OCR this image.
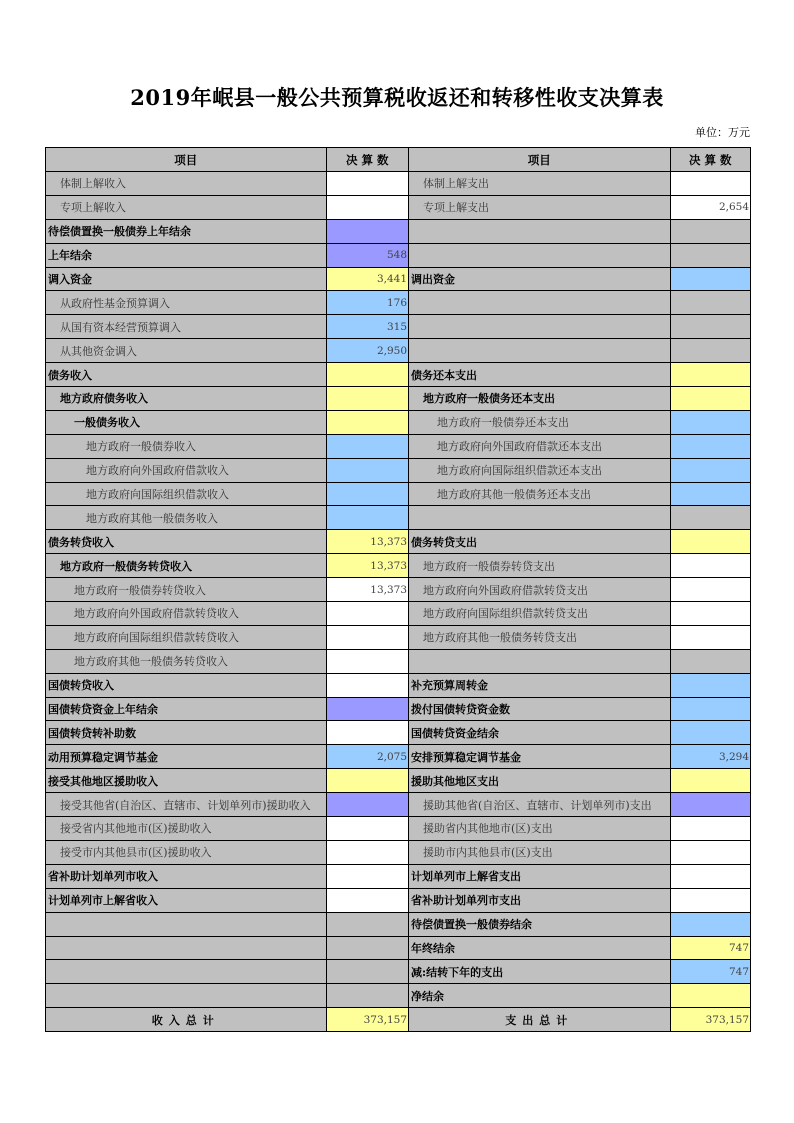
2019年岷县一般公共预算税收返还和转移性收支决算表
单位：万元
项目	决 算 数	项目	决 算 数
体制上解收入		体制上解支出	
专项上解收入		专项上解支出	2,654
待偿债置换一般债券上年结余			
上年结余	548		
调入资金	3,441	调出资金	
从政府性基金预算调入	176		
从国有资本经营预算调入	315		
从其他资金调入	2,950		
债务收入		债务还本支出	
地方政府债务收入		地方政府一般债务还本支出	
一般债务收入		地方政府一般债券还本支出	
地方政府一般债券收入		地方政府向外国政府借款还本支出	
地方政府向外国政府借款收入		地方政府向国际组织借款还本支出	
地方政府向国际组织借款收入		地方政府其他一般债务还本支出	
地方政府其他一般债务收入			
债务转贷收入	13,373	债务转贷支出	
地方政府一般债务转贷收入	13,373	地方政府一般债券转贷支出	
地方政府一般债券转贷收入	13,373	地方政府向外国政府借款转贷支出	
地方政府向外国政府借款转贷收入		地方政府向国际组织借款转贷支出	
地方政府向国际组织借款转贷收入		地方政府其他一般债务转贷支出	
地方政府其他一般债务转贷收入			
国债转贷收入		补充预算周转金	
国债转贷资金上年结余		拨付国债转贷资金数	
国债转贷转补助数		国债转贷资金结余	
动用预算稳定调节基金	2,075	安排预算稳定调节基金	3,294
接受其他地区援助收入		援助其他地区支出	
接受其他省(自治区、直辖市、计划单列市)援助收入		援助其他省(自治区、直辖市、计划单列市)支出	
接受省内其他地市(区)援助收入		援助省内其他地市(区)支出	
接受市内其他县市(区)援助收入		援助市内其他县市(区)支出	
省补助计划单列市收入		计划单列市上解省支出	
计划单列市上解省收入		省补助计划单列市支出	
		待偿债置换一般债券结余	
		年终结余	747
		减:结转下年的支出	747
		净结余	
收入总计	373,157	支出总计	373,157
